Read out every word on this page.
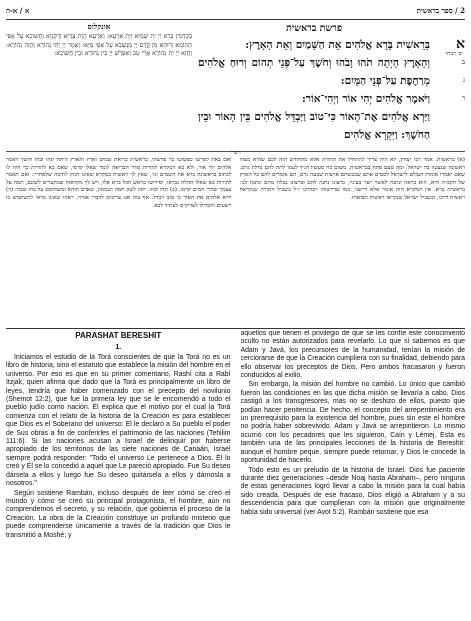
א / א-ה	2 / ספר בראשית
אונקלוס
בְּקַדְמִין בְּרָא יְיָ יָת שְׁמַיָּא וְיָת אַרְעָא: וְאַרְעָא הֲוָת צַדְיָא וְרֵקָנְיָא וַחֲשׁוֹכָא עַל אַפֵּי תְהוֹמָא וְרוּחָא מִן קֳדָם יְיָ מְנַשְּׁבָא עַל אַפֵּי מַיָּא: וַאֲמַר יְיָ יְהֵי נְהוֹרָא וַהֲוָה נְהוֹרָא: וַחֲזָא יְיָ יָת נְהוֹרָא אֲרֵי טָב וְאַפְרֵשׁ יְיָ בֵּין נְהוֹרָא וּבֵין חֲשׁוֹכָא:
פרשת בראשית
בְּרֵאשִׁית בָּרָא אֱלֹהִים אֵת הַשָּׁמַיִם וְאֵת הָאָרֶץ:
וְהָאָרֶץ הָיְתָה תֹהוּ וָבֹהוּ וְחֹשֶׁךְ עַל־פְּנֵי תְהוֹם וְרוּחַ אֱלֹהִים מְרַחֶפֶת עַל־פְּנֵי הַמָּיִם:
וַיֹּאמֶר אֱלֹהִים יְהִי אוֹר וַיְהִי־אוֹר:
וַיַּרְא אֱלֹהִים אֶת־הָאוֹר כִּי־טוֹב וַיַּבְדֵּל אֱלֹהִים בֵּין הָאוֹר וּבֵין הַחֹשֶׁךְ: וַיִּקְרָא אֱלֹהִים
א
ב
ג
ד
יב׳ רבתי
רש״י
(א) בראשית. אמר רבי יצחק, לא היה צריך להתחיל את התורה אלא מהחודש הזה לכם שהיא מצוה ראשונה שנצטוו בה ישראל, ומה טעם פתח בבראשית, משום כח מעשיו הגיד לעמו לתת להם נחלת גוים, שאם יאמרו אומות העולם לישראל לסטים אתם שכבשתם ארצות שבעה גוים, הם אומרים להם כל הארץ של הקב״ה היא, הוא בראה ונתנה לאשר ישר בעיניו, ברצונו נתנה להם וברצונו נטלה מהם ונתנה לנו: בראשית ברא. אין המקרא הזה אומר אלא דרשני, כמו שדרשוהו רבותינו ז״ל בשביל התורה שנקראת ראשית דרכו, ובשביל ישראל שנקראו ראשית תבואתו.
ואם באת לפרשו כפשוטו כך פרשהו, בראשית בריאת שמים וארץ והארץ היתה תהו ובהו וחשך ויאמר אלהים יהי אור, ולא בא המקרא להורות סדר הבריאה לומר שאלו קדמו, שאם בא להורות כך היה לו לכתוב בראשונה ברא את השמים וגו׳, שאין לך ראשית במקרא שאינו דבוק לתיבה שלאחריו. ואם תאמר להורות בא שאלו תחלה נבראו, ופירושו בראש הכל ברא אלו, ויש לך מקראות שמקצרים לשונם, תמה על עצמך שהרי המים קדמו. (ב) תהו ובהו. תהו לשון תמה ושממון, שאדם תוהא ומשתומם על בהו שבה: (ד) וירא אלהים את האור כי טוב ויבדל. אף בזה אנו צריכים לדברי אגדה, ראהו שאינו כדאי להשתמש בו רשעים והבדילו לצדיקים לעתיד לבא.

PARASHAT BERESHIT

1.

Iniciamos el estudio de la Torá conscientes de que la Torá no es un libro de historia, sino el estatuto que establece la misión del hombre en el universo. Por eso es que en su primer comentario, Rashí cita a Rabí Itzjak, quien afirma que dado que la Torá es principalmente un libro de leyes, tendría que haber comenzado con el precepto del novilunio (Shemot 12:2), que fue la primera ley que se le encomendó a todo el pueblo judío como nación. Él explica que el motivo por el cual la Torá comienza con el relato de la historia de la Creación es para establecer que Dios es el Soberano del universo: El le declaró a Su pueblo el poder de Sus obras a fin de conferirles el patrimonio de las naciones (Tehilim 111:6). Si las naciones acusan a Israel de delinquir por haberse apropiado de los territorios de las siete naciones de Canaán, Israel siempre podrá responder: "Todo el universo Le pertenece a Dios. Él lo creó y Él se lo concedió a aquel que Le pareció apropiado. Fue Su deseo dársela a ellos y luego fue Su deseo quitársela a ellos y dárnosla a nosotros."

Según sostiene Rambán, incluso después de leer cómo se creó el mundo y cómo se creó su principal protagonista, el hombre, aún no comprendemos el secreto, y su relación, que gobierna el proceso de la Creación. La obra de la Creación constituye un profundo misterio que puede comprenderse únicamente a través de la tradición que Dios le transmitió a Moshé; y

aquellos que tienen el privilegio de que se les confíe este conocimiento oculto no están autorizados para revelarlo. Lo que sí sabemos es que Adam y Javá, los precursores de la humanidad, tenían la misión de cerciorarse de que la Creación cumpliera con su finalidad, debiendo para ello observar los preceptos de Dios. Pero ambos fracasaron y fueron conducidos al exilio.

Sin embargo, la misión del hombre no cambió. Lo único que cambió fueron las condiciones en las que dicha misión se llevaría a cabo. Dios castigó a los transgresores, mas no se deshizo de ellos, puesto que podían hacer penitencia. De hecho, el concepto del arrepentimiento era un prerrequisito para la existencia del hombre, pues sin este el hombre no podría haber sobrevivido. Adam y Javá se arrepintieron. Lo mismo ocurrió con los pecadores que les siguieron, Caín y Lémej. Esta es también una de las principales lecciones de la historia de Bereshit: aunque el hombre peque, siempre puede retornar, y Dios le concede la oportunidad de hacerlo.

Todo esto es un preludio de la historia de Israel. Dios fue paciente durante diez generaciones –desde Noaj hasta Abraham–, pero ninguna de estas generaciones logró llevar a cabo la misión para la cual había sido creada. Después de ese fracaso, Dios eligió a Abraham y a su descendencia para que cumplieran con la misión que originalmente había sido universal (ver Avot 5:2). Rambán sostiene que esa
